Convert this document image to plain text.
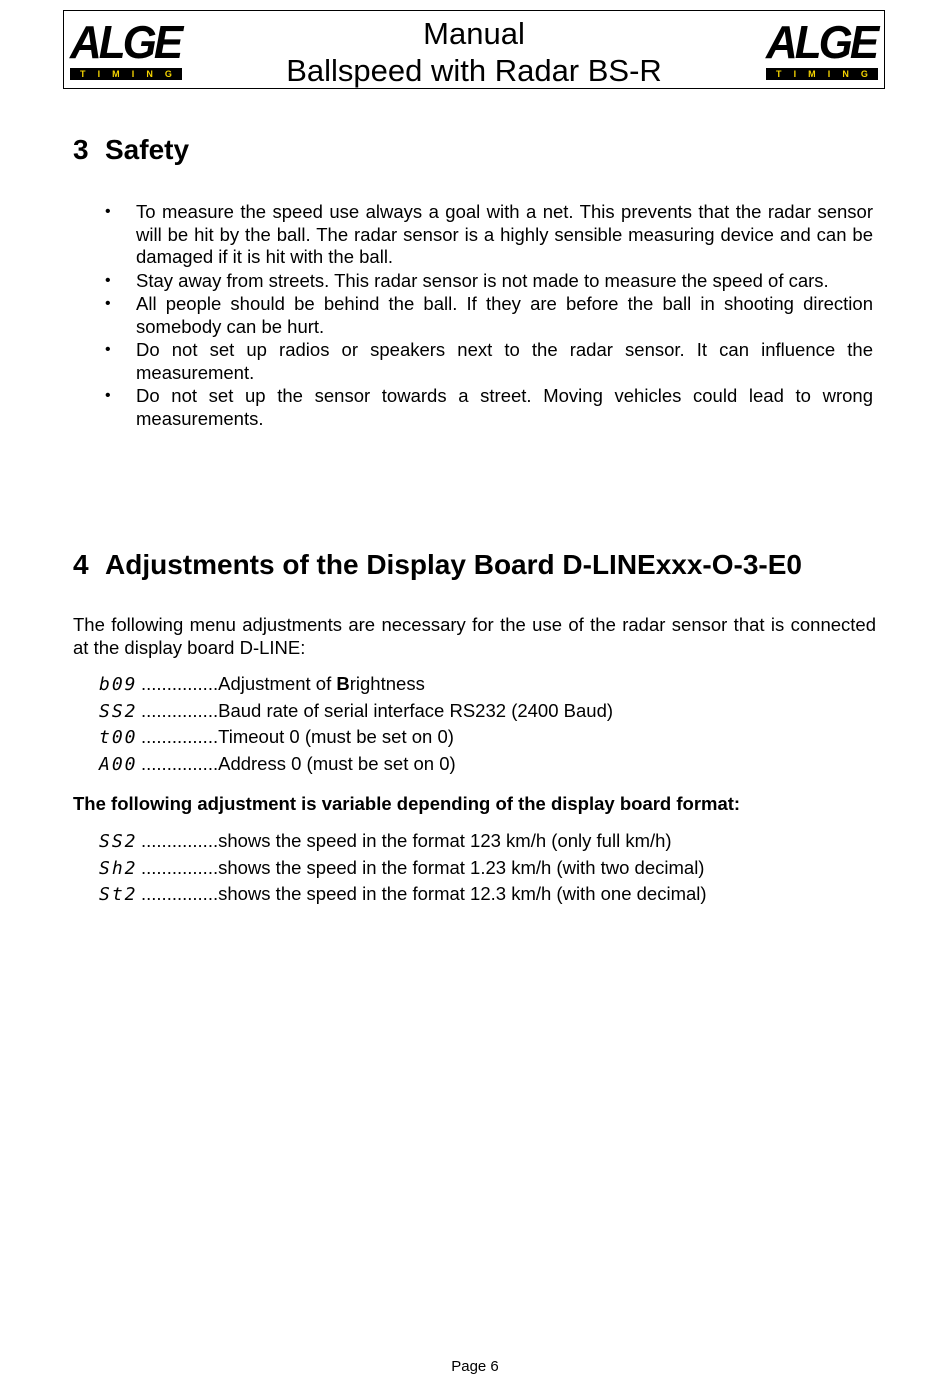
ALGE
T I M I N G
Manual
Ballspeed with Radar BS-R
ALGE
T I M I N G
3 Safety
• To measure the speed use always a goal with a net. This prevents that the radar sensor will be hit by the ball. The radar sensor is a highly sensible measuring device and can be damaged if it is hit with the ball.
• Stay away from streets. This radar sensor is not made to measure the speed of cars.
• All people should be behind the ball. If they are before the ball in shooting direction somebody can be hurt.
• Do not set up radios or speakers next to the radar sensor. It can influence the measurement.
• Do not set up the sensor towards a street. Moving vehicles could lead to wrong measurements.
4 Adjustments of the Display Board D-LINExxx-O-3-E0

The following menu adjustments are necessary for the use of the radar sensor that is connected at the display board D-LINE:

b09 ...............Adjustment of Brightness
SS2 ...............Baud rate of serial interface RS232 (2400 Baud)
t00 ...............Timeout 0 (must be set on 0)
A00 ...............Address 0 (must be set on 0)

The following adjustment is variable depending of the display board format:

SS2 ...............shows the speed in the format 123 km/h (only full km/h)
Sh2 ...............shows the speed in the format 1.23 km/h (with two decimal)
St2 ...............shows the speed in the format 12.3 km/h (with one decimal)
Page 6
